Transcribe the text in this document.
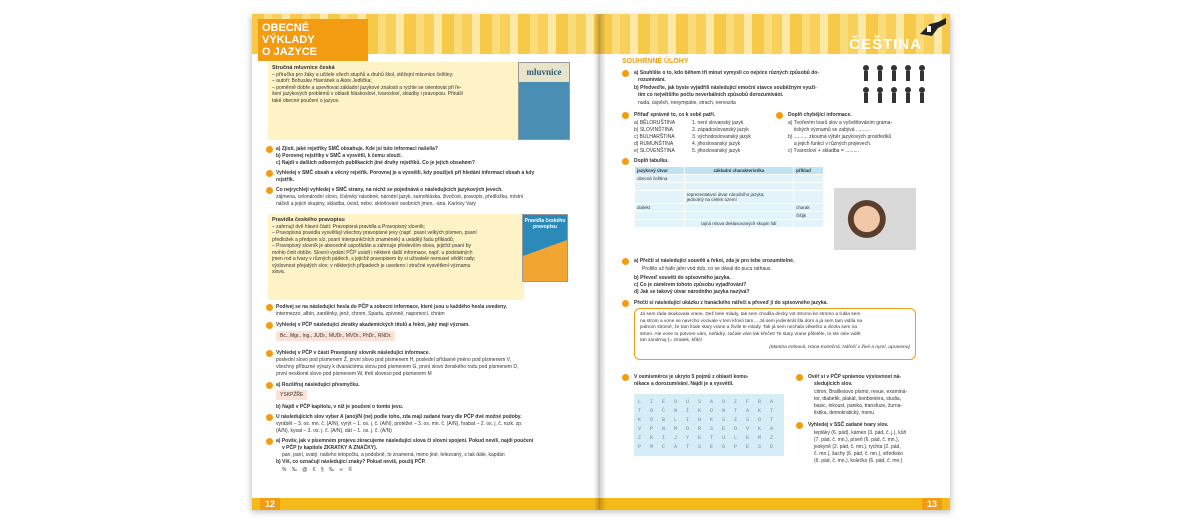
OBECNÉ VÝKLADY
O JAZYCE
Stručná mluvnice česká
– příručka pro žáky a učitele všech stupňů a druhů škol, stěžejní mluvnice češtiny;
– autoři: Bohuslav Havránek a Alois Jedlička;
– poměrně dobře a upevňovat základní jazykové znalosti a rychle se orientovat při ře-
šení jazykových problémů v oblasti hláskosloví, tvarosloví, skladby i pravopisu. Přináší
také obecné poučení o jazyce.
mluvnice
a) Zjisti, jaké rejstříky SMČ obsahuje. Kde jsi tuto informaci našel/a?
b) Porovnej rejstříky v SMČ a vysvětli, k čemu slouží.
c) Najdi v dalších odborných publikacích jiné druhy rejstříků. Co je jejich obsahem?
Vyhledej v SMČ obsah a věcný rejstřík. Porovnej je a vysvětli, kdy použiješ při hledání informací obsah a kdy
rejstřík.
Co nejrychleji vyhledej v SMČ strany, na nichž se pojednává o následujících jazykových jevech.
zájmena, celonárodní slovo, číslovky násobné, národní jazyk, samohláska, živočost, pravopis, předložka, místní
náčelí a jejich skupiny, skladba, úvod, nebo. skloňování osobních jmen, -ána. Karlovy Vary
Pravidla českého pravopisu
– zahrnují dvě hlavní části: Pravopisná pravidla a Pravopisný slovník;
– Pravopisná pravidla vysvětlují všechny pravopisné jevy (např. psaní velkých písmen, psaní
předložek a předpon s/z, psaní interpunkčních znamének) a uvádějí řadu příkladů;
– Pravopisný slovník je abecedně uspořádán a zahrnuje především slova, jejichž psaní by
mohlo činit obtíže. Slovníi vydání PČP uvádí i některé další informace, např. u podstatných
jmen rod a tvary v různých pádech, s jejichž pravopisem by si uživatelé nemusel vědět rady;
výslovnost přejatých slov; v některých případech je uvedeno i stručné vysvětlení významu
slova.
Pravidla českého pravopisu
Podívej se na následující hesla do PČP a zobecni informace, které jsou u každého hesla uvedeny.
intermezzo, albín, zarděnky, jenž, chrom, Sparta, zpívoně, napomocí, chrám
Vyhledej v PČP následující zkratky akademických titulů a řekni, jaký mají význam.
Bc., Mgr., Ing., JUDr., MUDr., MVDr., PhDr., RNDr.
Vyhledej v PČP v části Pravopisný slovník následující informace.
poslední slovo pod písmenem Ž, první slovo pod písmenem H, poslední přídavné jméno pod písmenem V,
všechny příbuzné výrazy k dvanáctému slovu pod písmenem G, první slovo ženského rodu pod písmenem D,
první neskloné slovo pod písmenem W, třetí sloveso pod písmenem M
a) Rozšifruj následující přesmyčku.
YSKPŽŘE
b) Najdi v PČP kapitolu, v níž je poučení o tomto jevu.
U následujících slov vyber A (ano)/N (ne) podle toho, zda mají zadané tvary dle PČP dvě možné podoby.
vyrábět – 3. os. mn. č. (A/N), vyrýt – 1. os. j. č. (A/N), protéžet – 3. os. mn. č. (A/N), hrabat – 2. os. j. č. rozk. zp.
(A/N), kysat – 3. os. j. č. (A/N), dát – 1. os. j. č. (A/N)
a) Povšv, jak v písemném projevu zkracujeme následující slova či slovní spojení. Pokud nevíš, najdi poučení
v PČP (v kapitole ZKRATKY A ZNAČKY).
pan, paní, svatý, našeho letopočtu, a podobně, to znamená, mimo jiné, telezvaný, s tak dále, kapitán
b) Víš, co označují následující znaky? Pokud nevíš, použij PČP.
% ‰ @ € § ‰ ∞ ©
12
ČEŠTINA
SOUHRNNÉ ÚLOHY
a) Souhlšte o to, kdo během tří minut vymysli co nejvíce různých způsobů do-
rozumívání.
b) Předveďte, jak byste vyjádřili následující emoční stavce souběžným využi-
tím co největšího počtu neverbálních způsobů dorozumívání.
nuda, úspěch, nesympatie, strach, nervozita
Přiřaď správně to, co k sobě patří.
a) BĚLORUŠTINA
b) SLOVINŠTINA
c) BULHARŠTINA
d) RUMUNŠTINA
e) SLOVENŠTINA
1. není slovanský jazyk
2. západoslovanský jazyk
3. východoslovanský jazyk
4. jihoslovanský jazyk
5. jihoslovanský jazyk
Doplň chybějící informace.
a) Tvořením tvarů slov a vyšvětlováním grama-
tických významů se zabývá ..........
b) .......... zkoumá výběr jazykových prostředků
a jejich funkci v různých projevech.
c) Tvarosloví + skladba = ..........
Doplň tabulku.
jazykový útvar	základní charakteristika	příklad
obecná čeština		

	reprezentativní útvar národního jazyka;
jednotný na celém území	
dialekt		charak
		čištjk
	tajná mluva deklasovaných skupin lidí	
a) Přečti si následující souvětí a řekni, zda je pro tebe srozumitelné.
Prollito už hafo jahn vod dob, co se dával do pucu rathaus.
b) Převeď souvětí do spisovného jazyka.
c) Co je záměrem tohoto způsobu vyjadřování?
d) Jak se takový útvar národního jazyka nazývá?
Přečti si následující ukázku z hanáckého nářečí a převeď ji do spisovného jazyka.
Já sem ráda okukovala vrane. Dež bele mlady, tak sem chodila decky vot stromo ke stromo a ťukla sem
na strom a vone se navrcho vocivale v tem křovó tam… Já sem jedenkrát šla dom a já sem tam vidíla na
jednom stromě, že tam lítale stary vrane a živile te mlady. Tak já sem nechala věkeťko a vlezla sem na
strom. Ale vone to potvore vám, neřádry, začale vám tak křečet! Te stary vrane přiletěle, to ste mile vidět
tan zandrnoj (= zmatek, křik)!
(Martina Irelnová, Hana Konečná, Nářečí v živé a nymí, upraveno)
V osmisměrce je ukryto 5 pojmů z oblasti komu-
nikace a dorozumívání. Najdi je a vysvětli.
L I E O U S A O Z F R A
T O Č N Í K O N T A K T
K O B L I H K S Z S O T
V P N M O R S E O V K A
Z K I J Y E T U L E M Z
P M C A T S E G P E S D
Ověř si v PČP správnou výslovnost ná-
sledujících slov.
citron, Braillesovo písmo, revue, examiná-
tor, diabetik, plakát, bonboniéra, studia,
basic, inkoust, panika, transfuze, žurna-
listika, demokratický, menu
Vyhledej v SSČ zadané tvary slov.
tepláky (6. pád), kámen (3. pád, č. j.), kůň
(7. pád, č. mn.), píseň (6. pád, č. mn.),
jeskyně (2. pád, č. mn.), rychta (2. pád,
č. mn.), šachy (6. pád, č. mn.), středisko
(6. pád, č. mn.), kolečko (6. pád, č. mn.)
13
